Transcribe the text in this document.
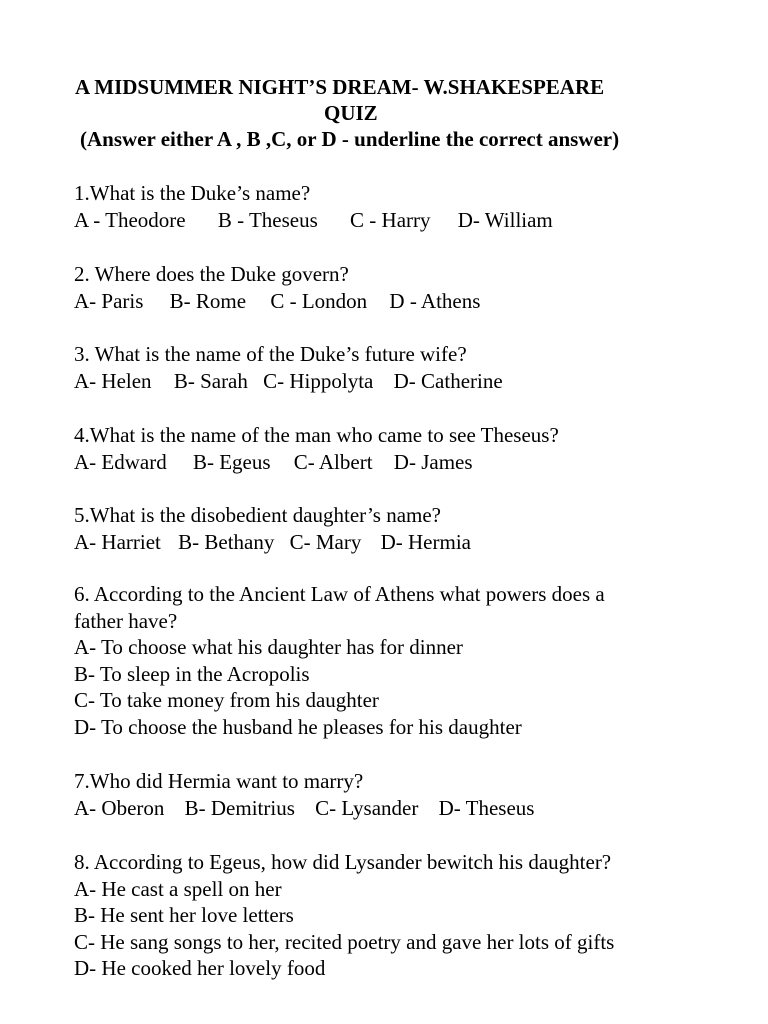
A MIDSUMMER NIGHT’S DREAM- W.SHAKESPEARE
QUIZ
(Answer either A , B ,C, or D - underline the correct answer)
1.What is the Duke’s name?
A - Theodore B - Theseus C - Harry D- William
2. Where does the Duke govern?
A- Paris B- Rome C - London D - Athens
3. What is the name of the Duke’s future wife?
A- Helen B- Sarah C- Hippolyta D- Catherine
4.What is the name of the man who came to see Theseus?
A- Edward B- Egeus C- Albert D- James
5.What is the disobedient daughter’s name?
A- Harriet B- Bethany C- Mary D- Hermia
6. According to the Ancient Law of Athens what powers does a
father have?
A- To choose what his daughter has for dinner
B- To sleep in the Acropolis
C- To take money from his daughter
D- To choose the husband he pleases for his daughter
7.Who did Hermia want to marry?
A- Oberon B- Demitrius C- Lysander D- Theseus
8. According to Egeus, how did Lysander bewitch his daughter?
A- He cast a spell on her
B- He sent her love letters
C- He sang songs to her, recited poetry and gave her lots of gifts
D- He cooked her lovely food
